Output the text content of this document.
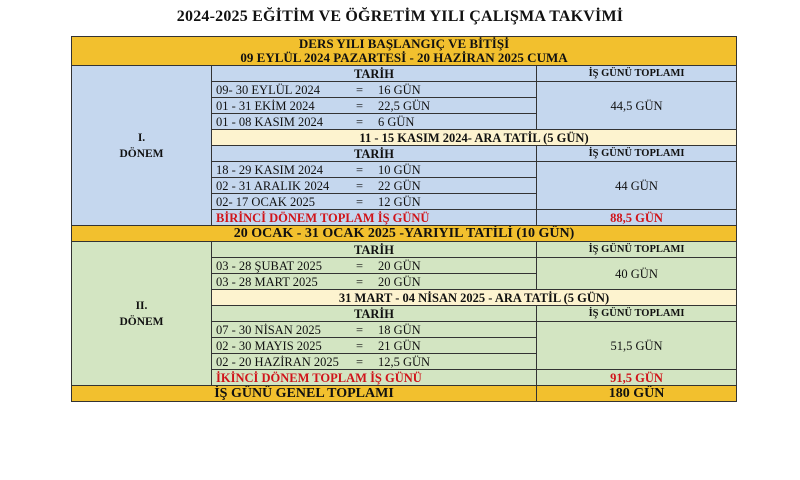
2024-2025 EĞİTİM VE ÖĞRETİM YILI ÇALIŞMA TAKVİMİ
DERS YILI BAŞLANGIÇ VE BİTİŞİ
09 EYLÜL 2024 PAZARTESİ - 20 HAZİRAN 2025 CUMA		

I.
DÖNEM	TARİH	İŞ GÜNÜ TOPLAMI
	09- 30 EYLÜL 2024 = 16 GÜN	44,5 GÜN
	01 - 31 EKİM 2024 = 22,5 GÜN	
	01 - 08 KASIM 2024 = 6 GÜN	
	11 - 15 KASIM 2024- ARA TATİL (5 GÜN)	
	TARİH	İŞ GÜNÜ TOPLAMI
	18 - 29 KASIM 2024 = 10 GÜN	44 GÜN
	02 - 31 ARALIK 2024 = 22 GÜN	
	02- 17 OCAK 2025 = 12 GÜN	
	BİRİNCİ DÖNEM TOPLAM İŞ GÜNÜ	88,5 GÜN
20 OCAK - 31 OCAK 2025 -YARIYIL TATİLİ (10 GÜN)		

II.
DÖNEM	TARİH	İŞ GÜNÜ TOPLAMI
	03 - 28 ŞUBAT 2025 = 20 GÜN	40 GÜN
	03 - 28 MART 2025 = 20 GÜN	
	31 MART - 04 NİSAN 2025 - ARA TATİL (5 GÜN)	
	TARİH	İŞ GÜNÜ TOPLAMI
	07 - 30 NİSAN 2025 = 18 GÜN	51,5 GÜN
	02 - 30 MAYIS 2025 = 21 GÜN	
	02 - 20 HAZİRAN 2025 = 12,5 GÜN	
	İKİNCİ DÖNEM TOPLAM İŞ GÜNÜ	91,5 GÜN
İŞ GÜNÜ GENEL TOPLAMI		180 GÜN
